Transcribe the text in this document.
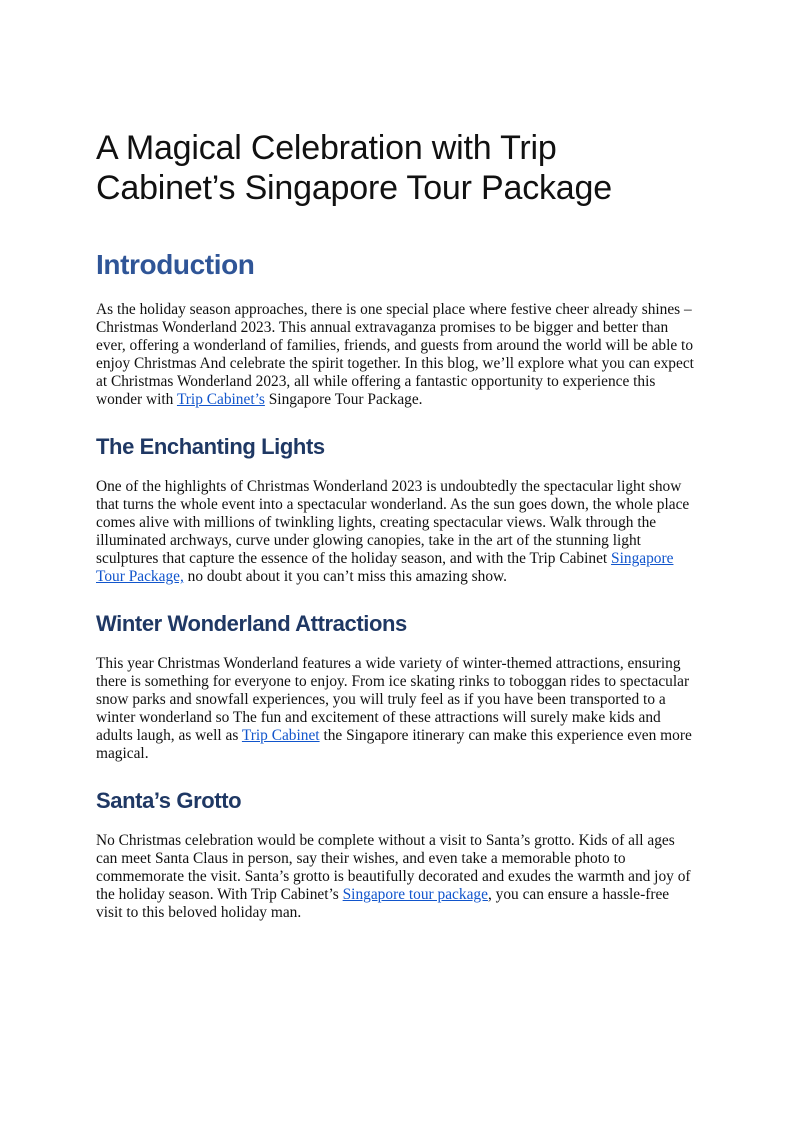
A Magical Celebration with Trip Cabinet’s Singapore Tour Package
Introduction

As the holiday season approaches, there is one special place where festive cheer already shines – Christmas Wonderland 2023. This annual extravaganza promises to be bigger and better than ever, offering a wonderland of families, friends, and guests from around the world will be able to enjoy Christmas And celebrate the spirit together. In this blog, we’ll explore what you can expect at Christmas Wonderland 2023, all while offering a fantastic opportunity to experience this wonder with Trip Cabinet’s Singapore Tour Package.

The Enchanting Lights

One of the highlights of Christmas Wonderland 2023 is undoubtedly the spectacular light show that turns the whole event into a spectacular wonderland. As the sun goes down, the whole place comes alive with millions of twinkling lights, creating spectacular views. Walk through the illuminated archways, curve under glowing canopies, take in the art of the stunning light sculptures that capture the essence of the holiday season, and with the Trip Cabinet Singapore Tour Package, no doubt about it you can’t miss this amazing show.

Winter Wonderland Attractions

This year Christmas Wonderland features a wide variety of winter-themed attractions, ensuring there is something for everyone to enjoy. From ice skating rinks to toboggan rides to spectacular snow parks and snowfall experiences, you will truly feel as if you have been transported to a winter wonderland so The fun and excitement of these attractions will surely make kids and adults laugh, as well as Trip Cabinet the Singapore itinerary can make this experience even more magical.

Santa’s Grotto

No Christmas celebration would be complete without a visit to Santa’s grotto. Kids of all ages can meet Santa Claus in person, say their wishes, and even take a memorable photo to commemorate the visit. Santa’s grotto is beautifully decorated and exudes the warmth and joy of the holiday season. With Trip Cabinet’s Singapore tour package, you can ensure a hassle-free visit to this beloved holiday man.
